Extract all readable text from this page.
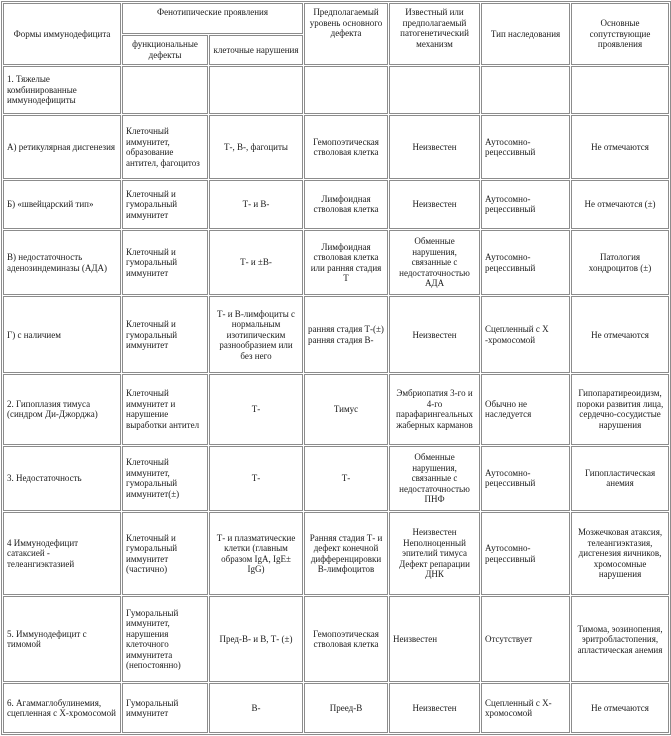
Формы иммунодефицита	Фенотипические проявления		Предполагаемый уровень основного дефекта	Известный или предполагаемый патогенетический механизм	Тип наследования	Основные сопутствующие проявления
	функциональные дефекты	клеточные нарушения				
1. Тяжелые комбинированные иммунодефициты						
А) ретикулярная дисгенезия	Клеточный иммунитет, образование антител, фагоцитоз	Т-, В-, фагоциты	Гемопоэтическая стволовая клетка	Неизвестен	Аутосомно-рецессивный	Не отмечаются
Б) «швейцарский тип»	Клеточный и гуморальный иммунитет	Т- и В-	Лимфоидная стволовая клетка	Неизвестен	Аутосомно-рецессивный	Не отмечаются (±)
В) недостаточность аденозиндеминазы (АДА)	Клеточный и гуморальный иммунитет	Т- и ±В-	Лимфоидная стволовая клетка или ранняя стадия Т	Обменные нарушения, связанные с недостаточностью АДА	Аутосомно-рецессивный	Патология хондроцитов (±)
Г) с наличием	Клеточный и гуморальный иммунитет	Т- и В-лимфоциты с нормальным изотипическим разнообразием или без него	ранняя стадия Т-(±) ранняя стадия В-	Неизвестен	Сцепленный с Х -хромосомой	Не отмечаются
2. Гипоплазия тимуса (синдром Ди-Джорджа)	Клеточный иммунитет и нарушение выработки антител	Т-	Тимус	Эмбриопатия 3-го и 4-го парафарингеальных жаберных карманов	Обычно не наследуется	Гипопаратиреоидизм, пороки развития лица, сердечно-сосудистые нарушения
3. Недостаточность	Клеточный иммунитет, гуморальный иммунитет(±)	Т-	Т-	Обменные нарушения, связанные с недостаточностью ПНФ	Аутосомно-рецессивный	Гипопластическая анемия
4 Иммунодефицит сатаксией - телеангиэктазией	Клеточный и гуморальный иммунитет (частично)	Т- и плазматические клетки (главным образом IgA, IgE± IgG)	Ранняя стадия Т- и дефект конечной дифференцировки В-лимфоцитов	Неизвестен Неполноценный эпителий тимуса Дефект репарации ДНК	Аутосомно-рецессивный	Мозжечковая атаксия, телеангиэктазия, дисгенезия яичников, хромосомные нарушения
5. Иммунодефицит с тимомой	Гуморальный иммунитет, нарушения клеточного иммунитета (непостоянно)	Пред-В- и В, Т- (±)	Гемопоэтическая стволовая клетка	Неизвестен	Отсутствует	Тимома, эозинопения, эритробластопения, апластическая анемия
6. Агаммаглобулинемия, сцепленная с Х-хромосомой	Гуморальный иммунитет	В-	Преед-В	Неизвестен	Сцепленный с Х-хромосомой	Не отмечаются
